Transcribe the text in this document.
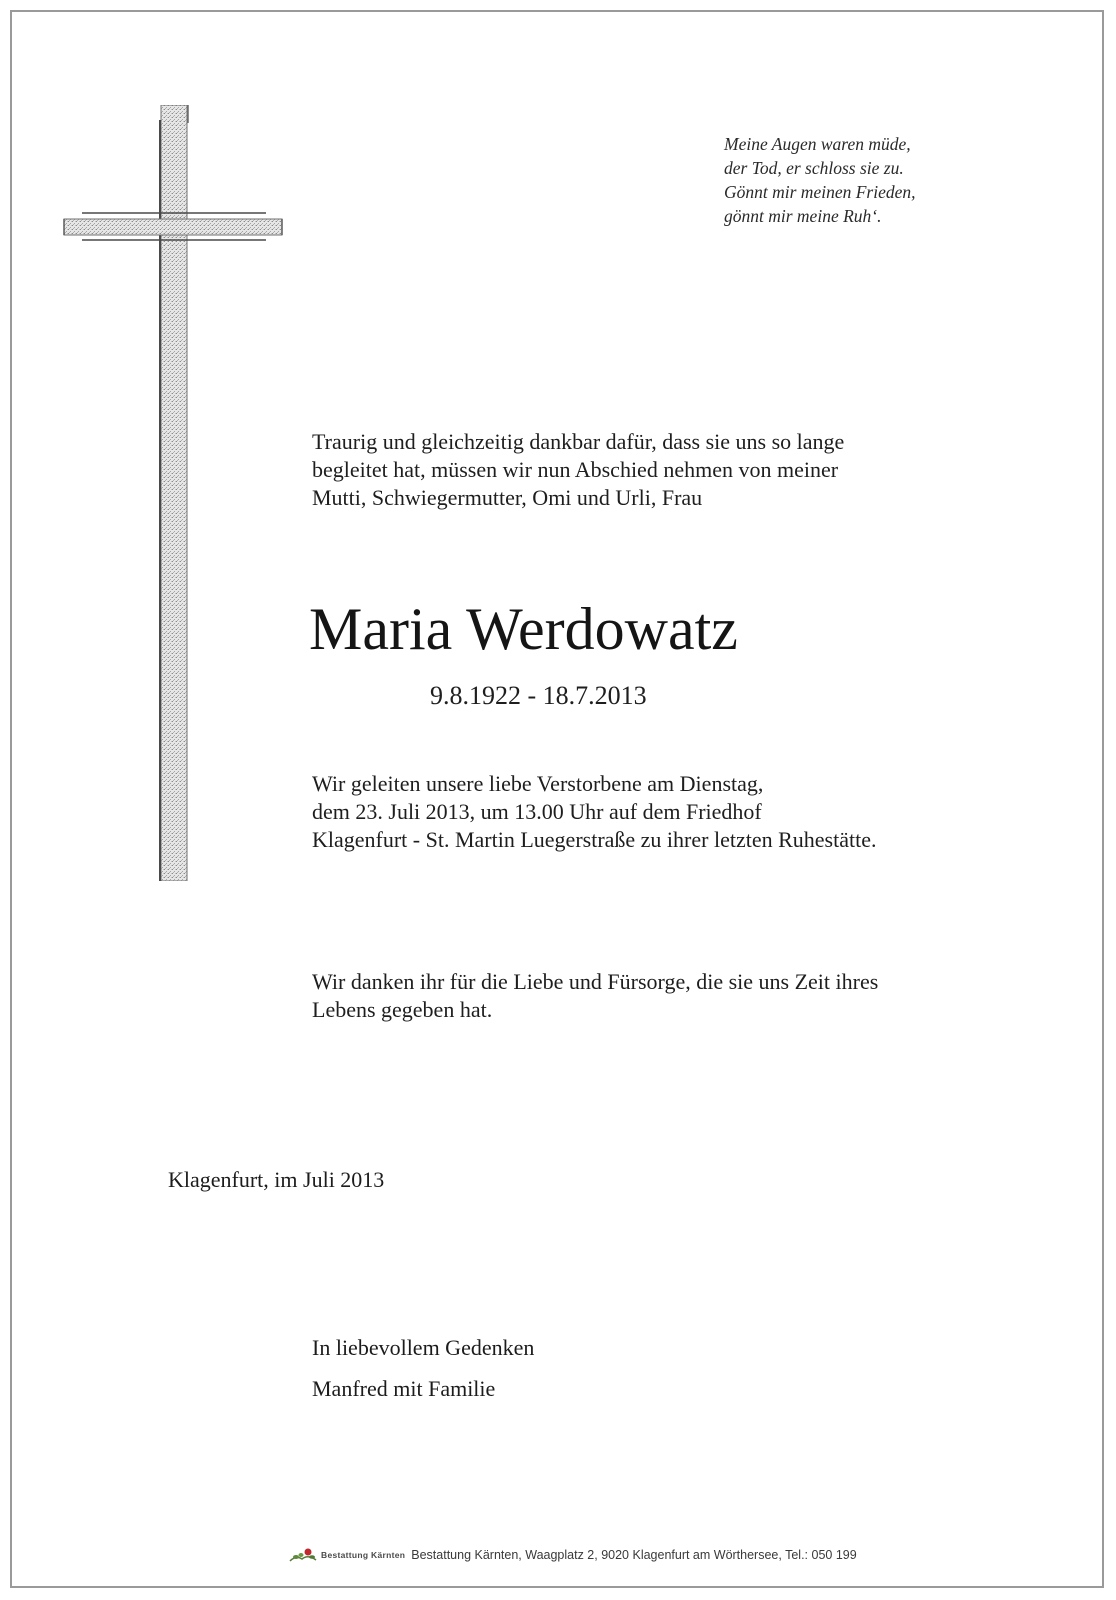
Meine Augen waren müde,
der Tod, er schloss sie zu.
Gönnt mir meinen Frieden,
gönnt mir meine Ruh‘.
Traurig und gleichzeitig dankbar dafür, dass sie uns so lange
begleitet hat, müssen wir nun Abschied nehmen von meiner
Mutti, Schwiegermutter, Omi und Urli, Frau
Maria Werdowatz
9.8.1922 - 18.7.2013
Wir geleiten unsere liebe Verstorbene am Dienstag,
dem 23. Juli 2013, um 13.00 Uhr auf dem Friedhof
Klagenfurt - St. Martin Luegerstraße zu ihrer letzten Ruhestätte.
Wir danken ihr für die Liebe und Fürsorge, die sie uns Zeit ihres
Lebens gegeben hat.
Klagenfurt, im Juli 2013
In liebevollem Gedenken
Manfred mit Familie
Bestattung Kärnten Bestattung Kärnten, Waagplatz 2, 9020 Klagenfurt am Wörthersee, Tel.: 050 199
